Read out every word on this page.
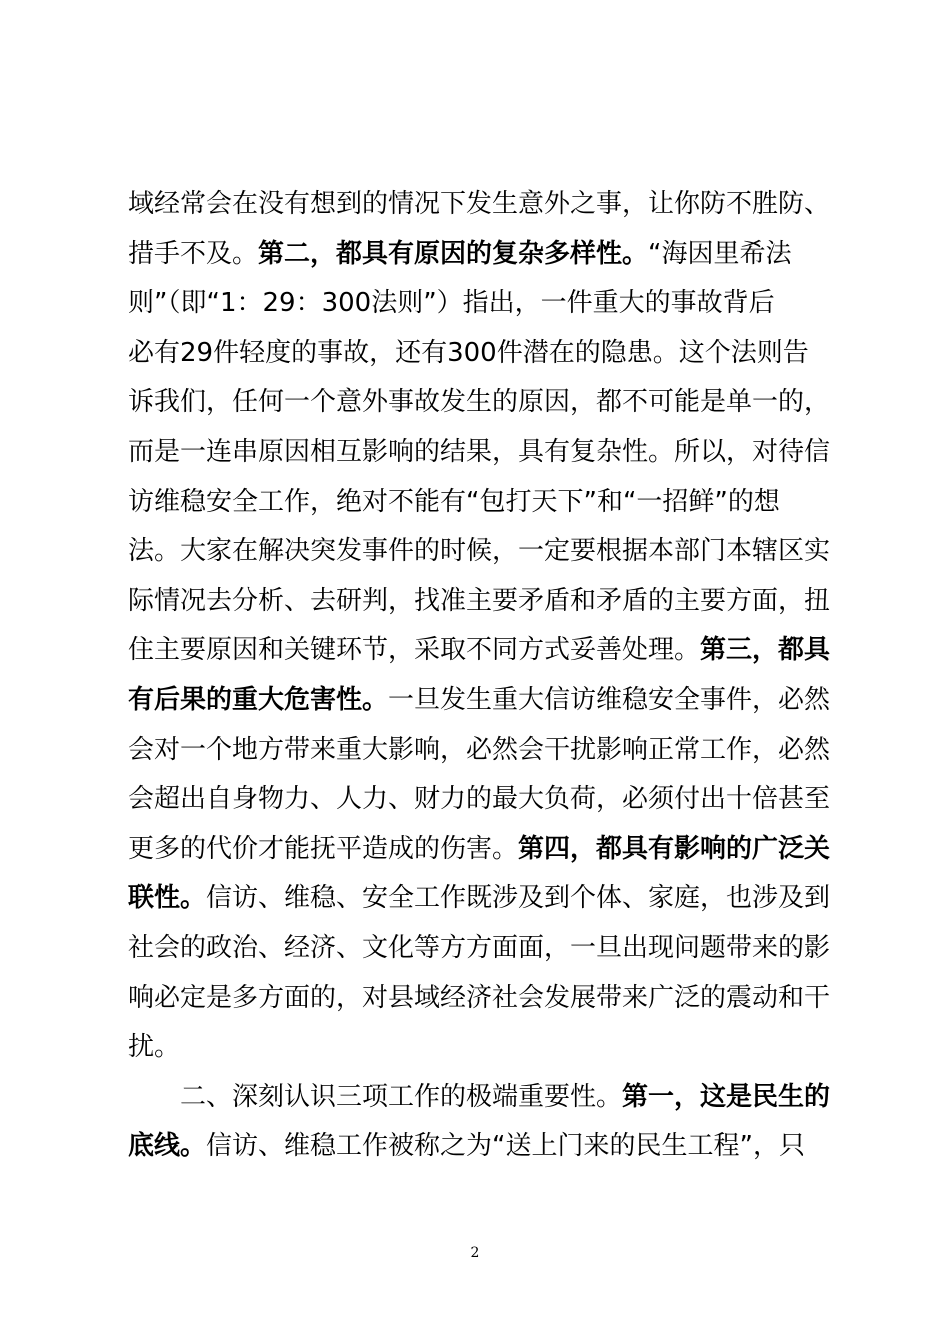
域经常会在没有想到的情况下发生意外之事，让你防不胜防、
措手不及。第二，都具有原因的复杂多样性。“海因里希法
则”（即“1：29：300法则”）指出，一件重大的事故背后
必有29件轻度的事故，还有300件潜在的隐患。这个法则告
诉我们，任何一个意外事故发生的原因，都不可能是单一的，
而是一连串原因相互影响的结果，具有复杂性。所以，对待信
访维稳安全工作，绝对不能有“包打天下”和“一招鲜”的想
法。大家在解决突发事件的时候，一定要根据本部门本辖区实
际情况去分析、去研判，找准主要矛盾和矛盾的主要方面，扭
住主要原因和关键环节，采取不同方式妥善处理。第三，都具
有后果的重大危害性。一旦发生重大信访维稳安全事件，必然
会对一个地方带来重大影响，必然会干扰影响正常工作，必然
会超出自身物力、人力、财力的最大负荷，必须付出十倍甚至
更多的代价才能抚平造成的伤害。第四，都具有影响的广泛关
联性。信访、维稳、安全工作既涉及到个体、家庭，也涉及到
社会的政治、经济、文化等方方面面，一旦出现问题带来的影
响必定是多方面的，对县域经济社会发展带来广泛的震动和干
扰。
　　二、深刻认识三项工作的极端重要性。第一，这是民生的
底线。信访、维稳工作被称之为“送上门来的民生工程”，只
2
